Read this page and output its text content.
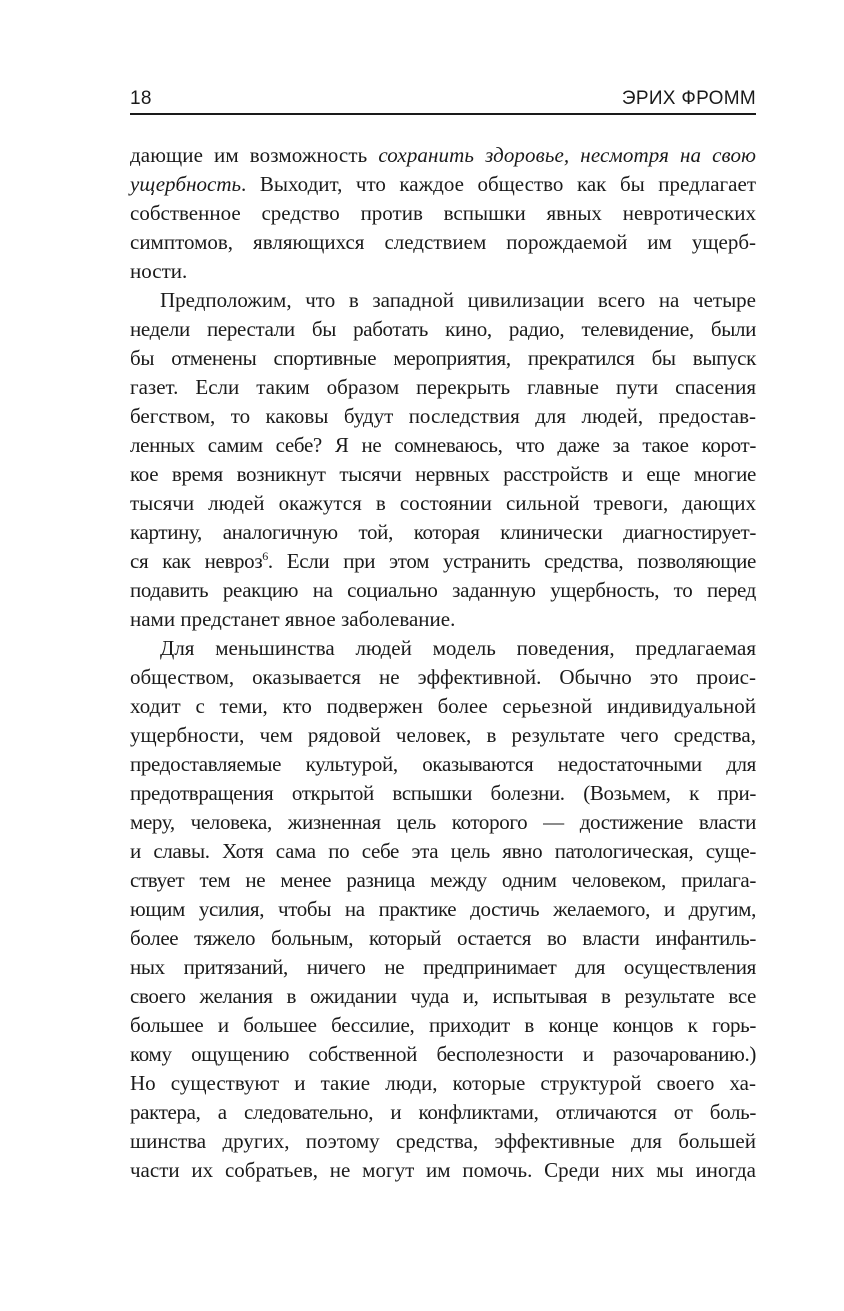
18	ЭРИХ ФРОММ
дающие им возможность сохранить здоровье, несмотря на свою
ущербность. Выходит, что каждое общество как бы предлагает
собственное средство против вспышки явных невротических
симптомов, являющихся следствием порождаемой им ущерб-
ности.
Предположим, что в западной цивилизации всего на четыре
недели перестали бы работать кино, радио, телевидение, были
бы отменены спортивные мероприятия, прекратился бы выпуск
газет. Если таким образом перекрыть главные пути спасения
бегством, то каковы будут последствия для людей, предостав-
ленных самим себе? Я не сомневаюсь, что даже за такое корот-
кое время возникнут тысячи нервных расстройств и еще многие
тысячи людей окажутся в состоянии сильной тревоги, дающих
картину, аналогичную той, которая клинически диагностирует-
ся как невроз$^6$. Если при этом устранить средства, позволяющие
подавить реакцию на социально заданную ущербность, то перед
нами предстанет явное заболевание.
Для меньшинства людей модель поведения, предлагаемая
обществом, оказывается не эффективной. Обычно это проис-
ходит с теми, кто подвержен более серьезной индивидуальной
ущербности, чем рядовой человек, в результате чего средства,
предоставляемые культурой, оказываются недостаточными для
предотвращения открытой вспышки болезни. (Возьмем, к при-
меру, человека, жизненная цель которого — достижение власти
и славы. Хотя сама по себе эта цель явно патологическая, суще-
ствует тем не менее разница между одним человеком, прилага-
ющим усилия, чтобы на практике достичь желаемого, и другим,
более тяжело больным, который остается во власти инфантиль-
ных притязаний, ничего не предпринимает для осуществления
своего желания в ожидании чуда и, испытывая в результате все
большее и большее бессилие, приходит в конце концов к горь-
кому ощущению собственной бесполезности и разочарованию.)
Но существуют и такие люди, которые структурой своего ха-
рактера, а следовательно, и конфликтами, отличаются от боль-
шинства других, поэтому средства, эффективные для большей
части их собратьев, не могут им помочь. Среди них мы иногда
